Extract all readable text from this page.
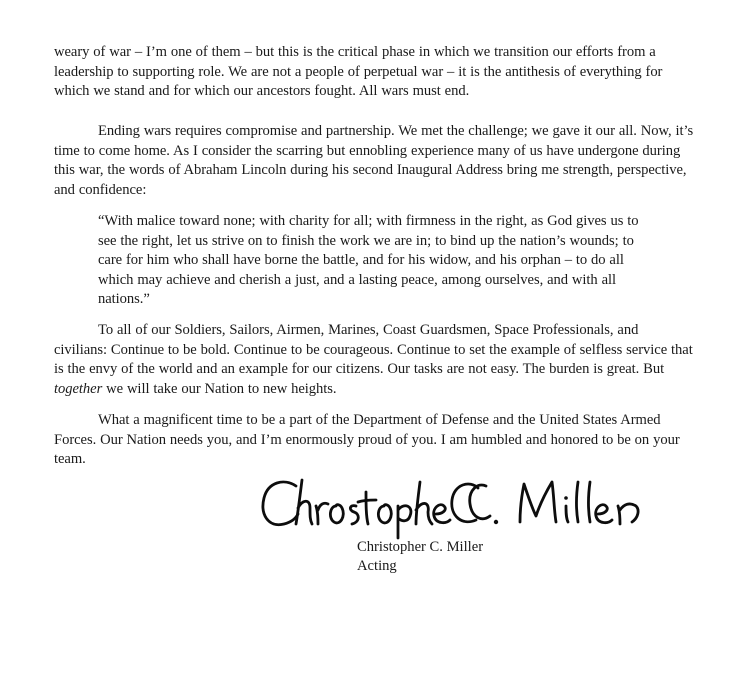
weary of war – I’m one of them – but this is the critical phase in which we transition our efforts from a leadership to supporting role. We are not a people of perpetual war – it is the antithesis of everything for which we stand and for which our ancestors fought. All wars must end.

Ending wars requires compromise and partnership. We met the challenge; we gave it our all. Now, it’s time to come home. As I consider the scarring but ennobling experience many of us have undergone during this war, the words of Abraham Lincoln during his second Inaugural Address bring me strength, perspective, and confidence:

“With malice toward none; with charity for all; with firmness in the right, as God gives us to see the right, let us strive on to finish the work we are in; to bind up the nation’s wounds; to care for him who shall have borne the battle, and for his widow, and his orphan – to do all which may achieve and cherish a just, and a lasting peace, among ourselves, and with all nations.”

To all of our Soldiers, Sailors, Airmen, Marines, Coast Guardsmen, Space Professionals, and civilians: Continue to be bold. Continue to be courageous. Continue to set the example of selfless service that is the envy of the world and an example for our citizens. Our tasks are not easy. The burden is great. But together we will take our Nation to new heights.

What a magnificent time to be a part of the Department of Defense and the United States Armed Forces. Our Nation needs you, and I’m enormously proud of you. I am humbled and honored to be on your team.

Christopher C. Miller
Acting
